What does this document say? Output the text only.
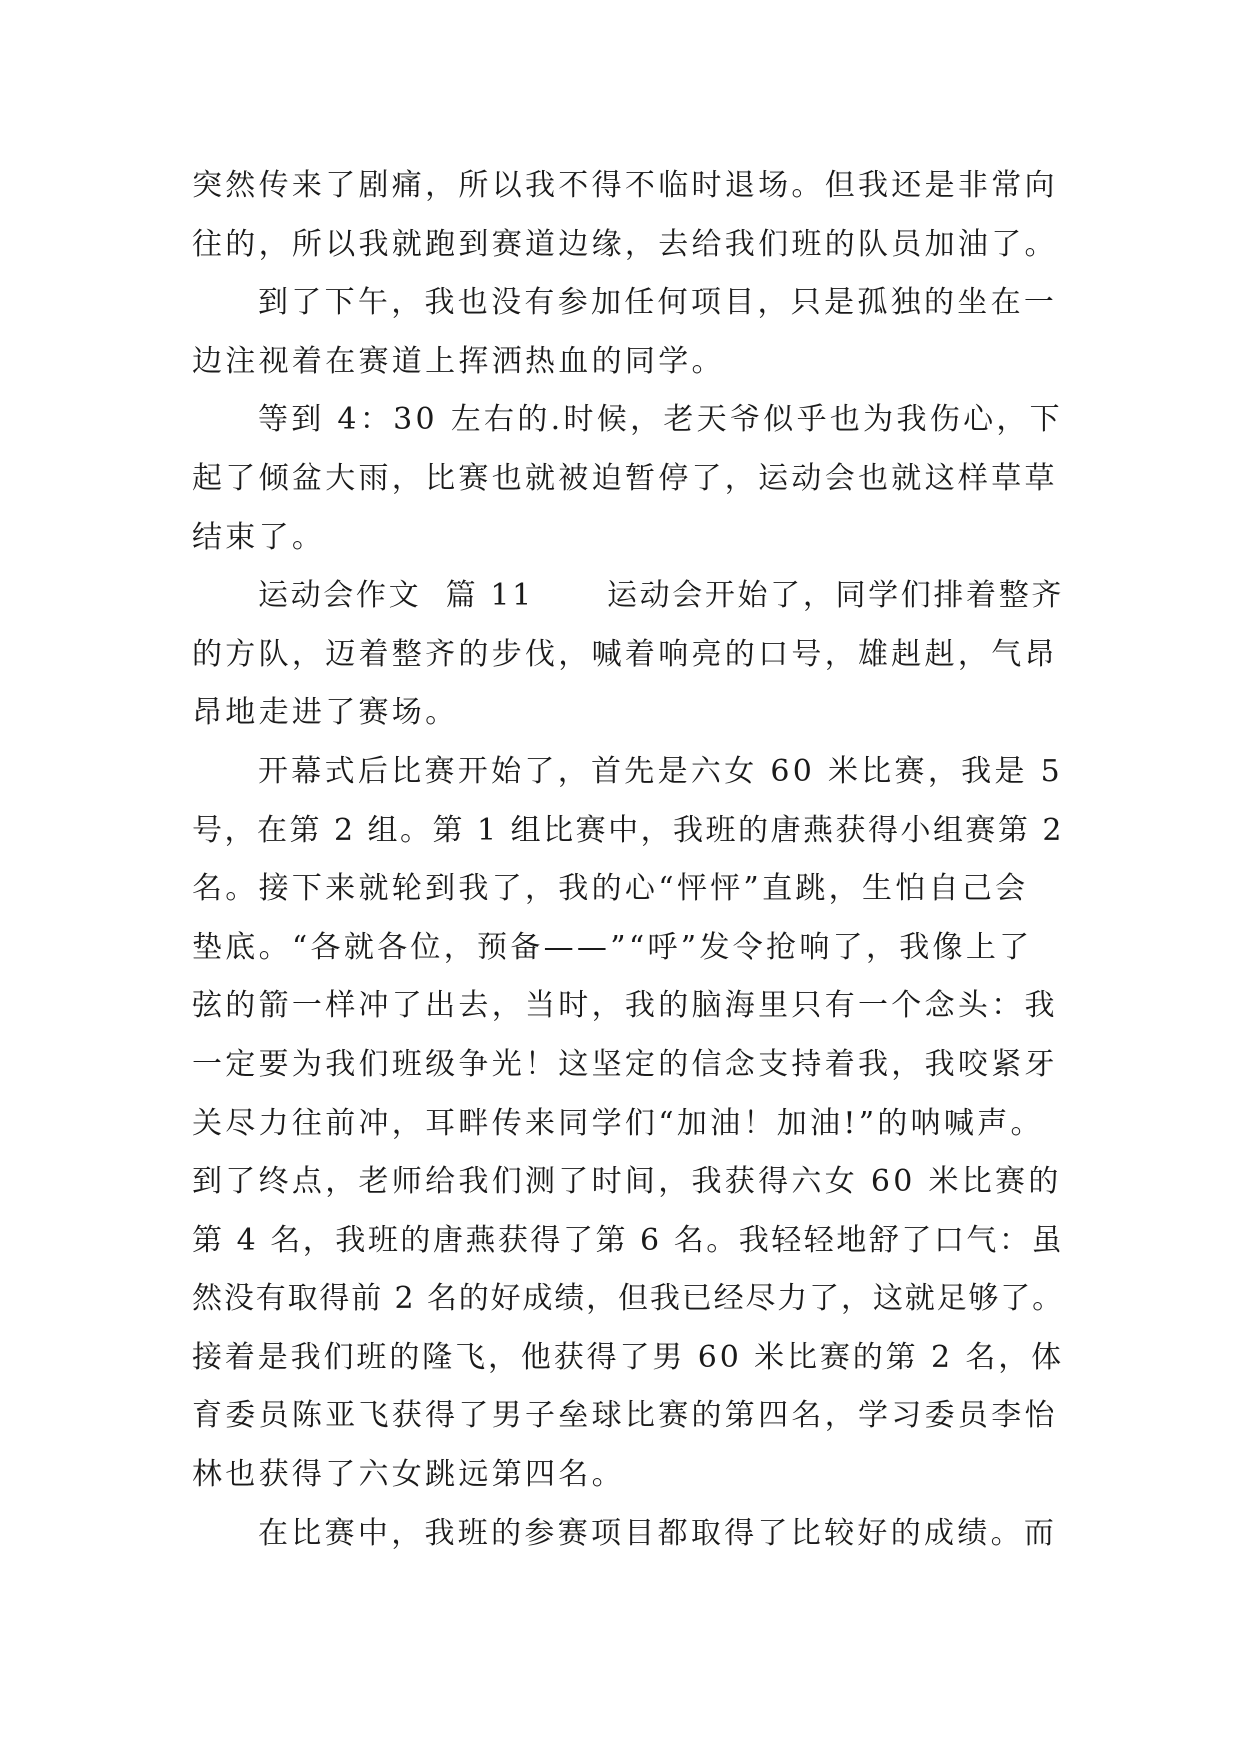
突然传来了剧痛，所以我不得不临时退场。但我还是非常向
往的，所以我就跑到赛道边缘，去给我们班的队员加油了。
到了下午，我也没有参加任何项目，只是孤独的坐在一
边注视着在赛道上挥洒热血的同学。
等到 4：30 左右的.时候，老天爷似乎也为我伤心，下
起了倾盆大雨，比赛也就被迫暂停了，运动会也就这样草草
结束了。
运动会作文  篇 11      运动会开始了，同学们排着整齐
的方队，迈着整齐的步伐，喊着响亮的口号，雄赳赳，气昂
昂地走进了赛场。
开幕式后比赛开始了，首先是六女 60 米比赛，我是 5
号，在第 2 组。第 1 组比赛中，我班的唐燕获得小组赛第 2
名。接下来就轮到我了，我的心“怦怦”直跳，生怕自己会
垫底。“各就各位，预备——”“呼”发令抢响了，我像上了
弦的箭一样冲了出去，当时，我的脑海里只有一个念头：我
一定要为我们班级争光！这坚定的信念支持着我，我咬紧牙
关尽力往前冲，耳畔传来同学们“加油！加油!”的呐喊声。
到了终点，老师给我们测了时间，我获得六女 60 米比赛的
第 4 名，我班的唐燕获得了第 6 名。我轻轻地舒了口气：虽
然没有取得前 2 名的好成绩，但我已经尽力了，这就足够了。
接着是我们班的隆飞，他获得了男 60 米比赛的第 2 名，体
育委员陈亚飞获得了男子垒球比赛的第四名，学习委员李怡
林也获得了六女跳远第四名。
在比赛中，我班的参赛项目都取得了比较好的成绩。而
